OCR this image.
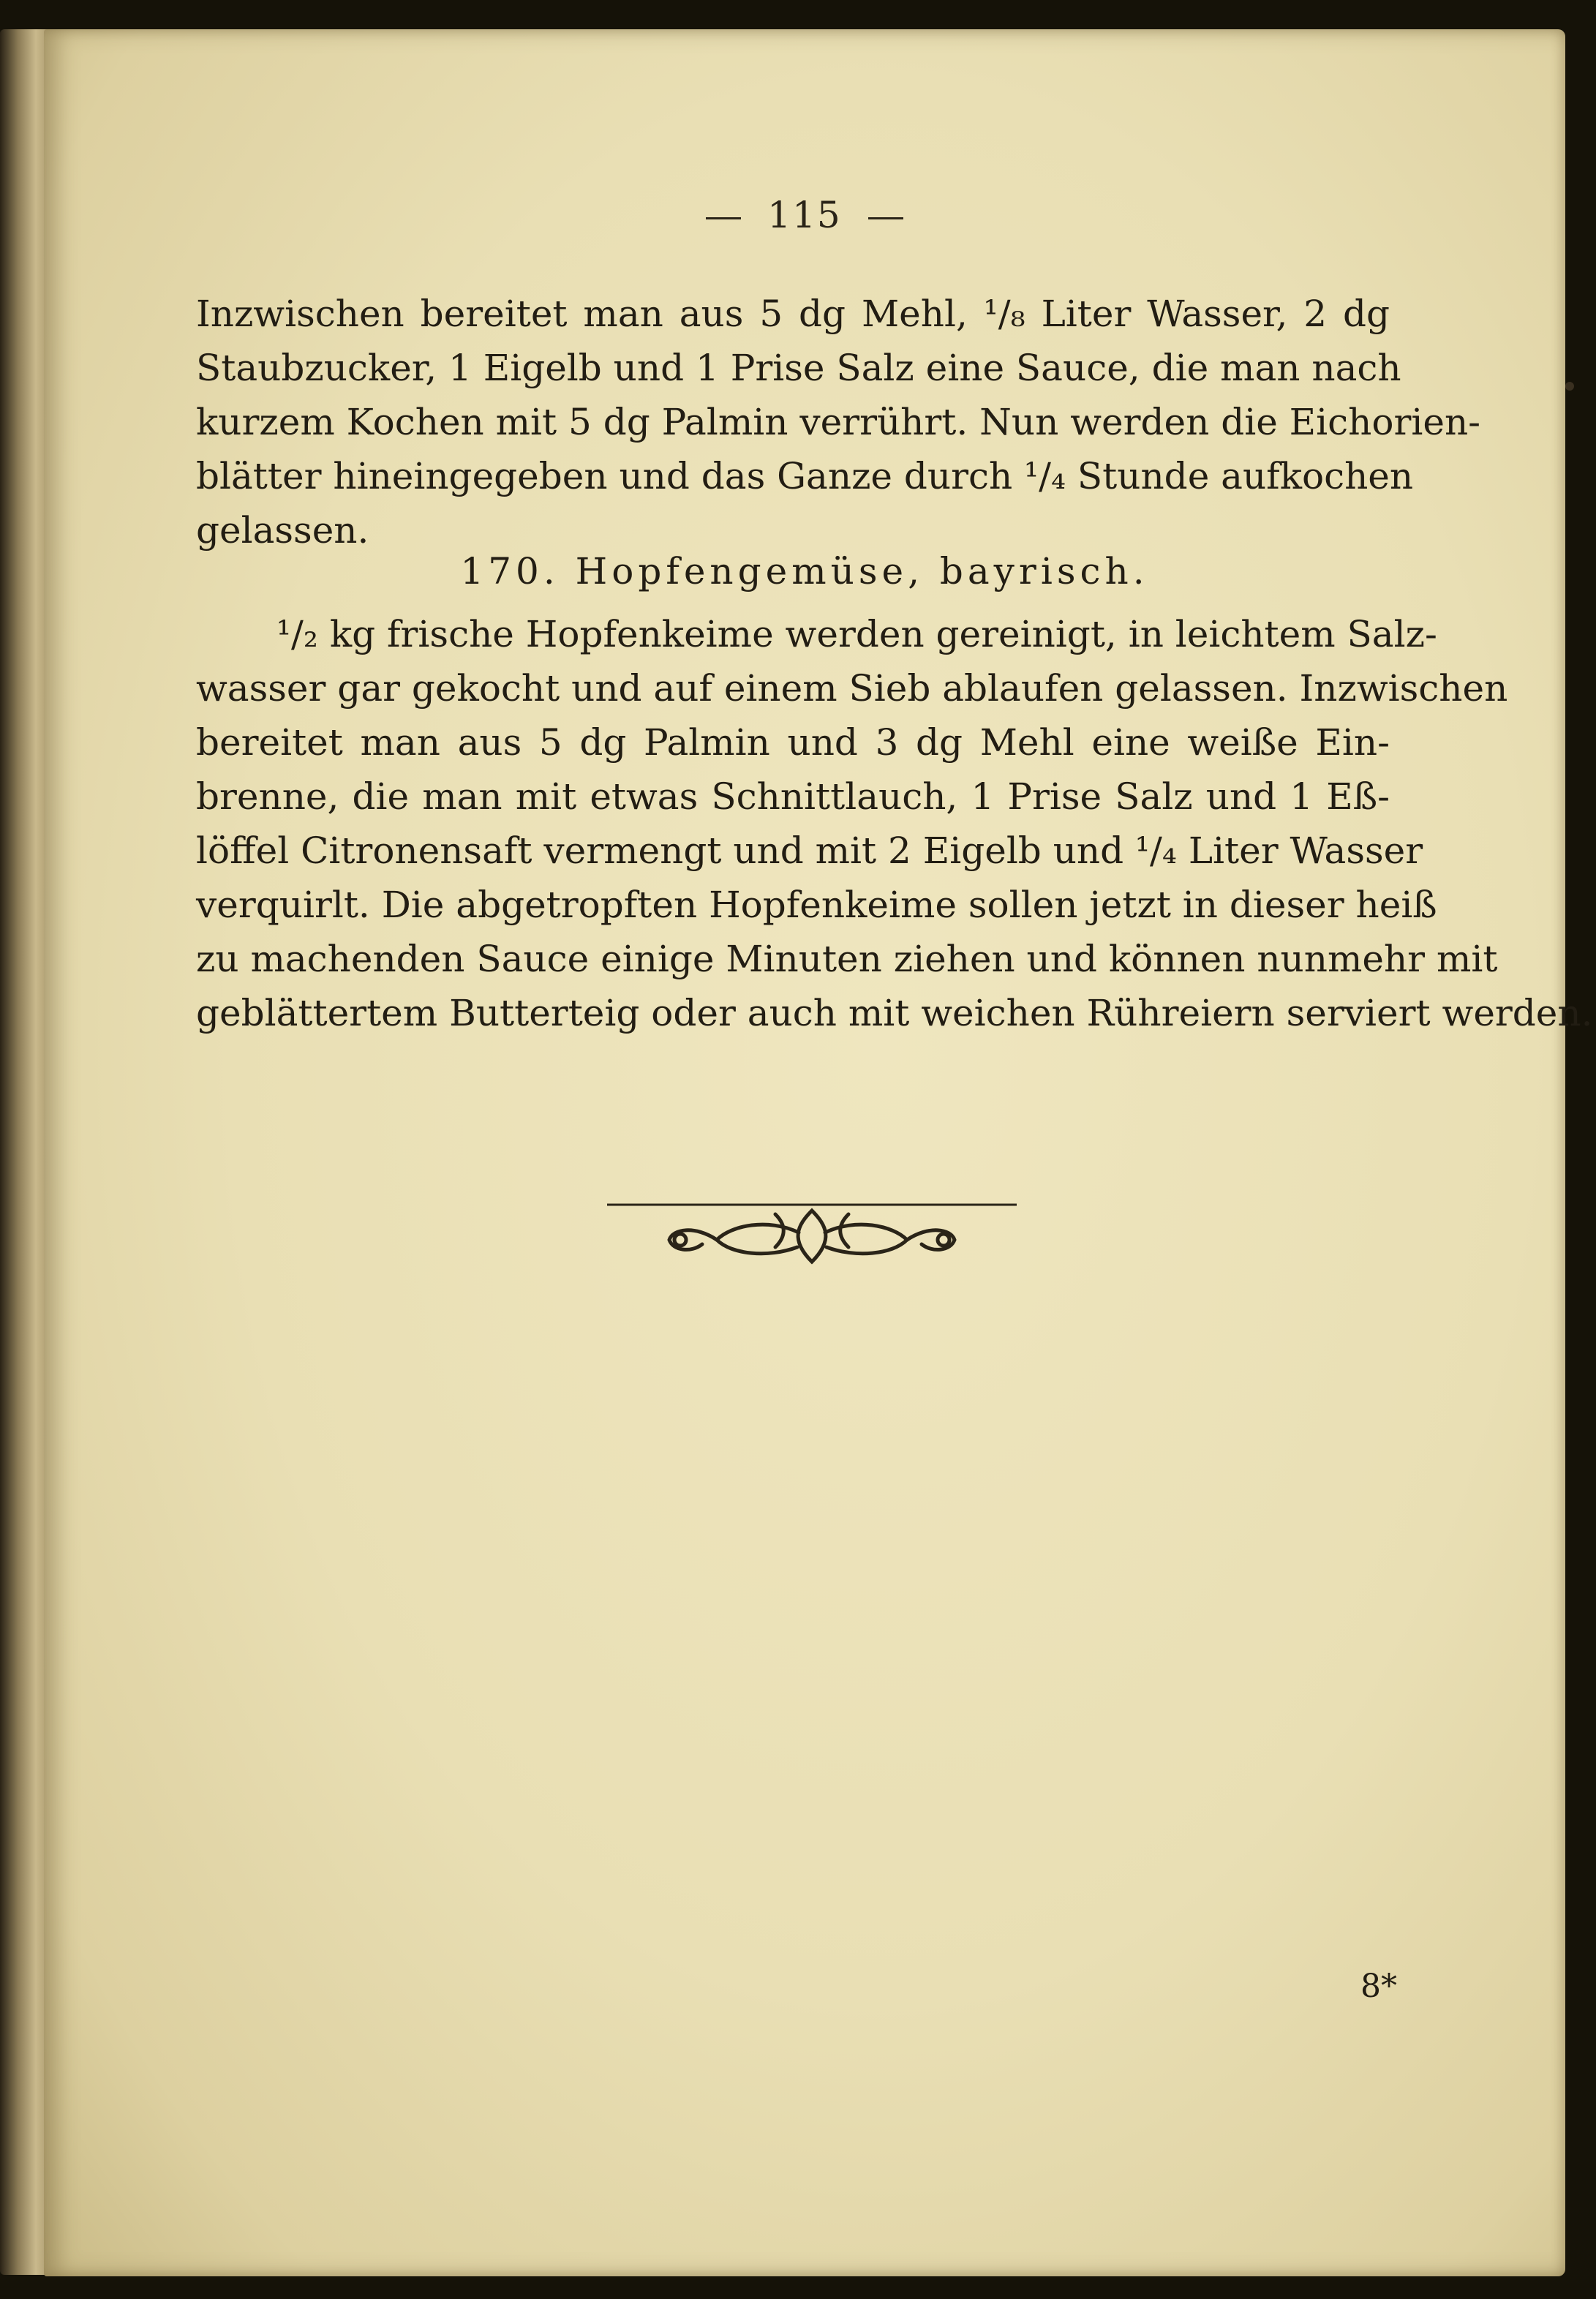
115
Inzwischen bereitet man aus 5 dg Mehl, ¹/₈ Liter Wasser, 2 dg
Staubzucker, 1 Eigelb und 1 Prise Salz eine Sauce, die man nach
kurzem Kochen mit 5 dg Palmin verrührt. Nun werden die Eichorien-
blätter hineingegeben und das Ganze durch ¹/₄ Stunde aufkochen
gelassen.
170. Hopfengemüse, bayrisch.
¹/₂ kg frische Hopfenkeime werden gereinigt, in leichtem Salz-
wasser gar gekocht und auf einem Sieb ablaufen gelassen. Inzwischen
bereitet man aus 5 dg Palmin und 3 dg Mehl eine weiße Ein-
brenne, die man mit etwas Schnittlauch, 1 Prise Salz und 1 Eß-
löffel Citronensaft vermengt und mit 2 Eigelb und ¹/₄ Liter Wasser
verquirlt. Die abgetropften Hopfenkeime sollen jetzt in dieser heiß
zu machenden Sauce einige Minuten ziehen und können nunmehr mit
geblättertem Butterteig oder auch mit weichen Rühreiern serviert werden.
8*
